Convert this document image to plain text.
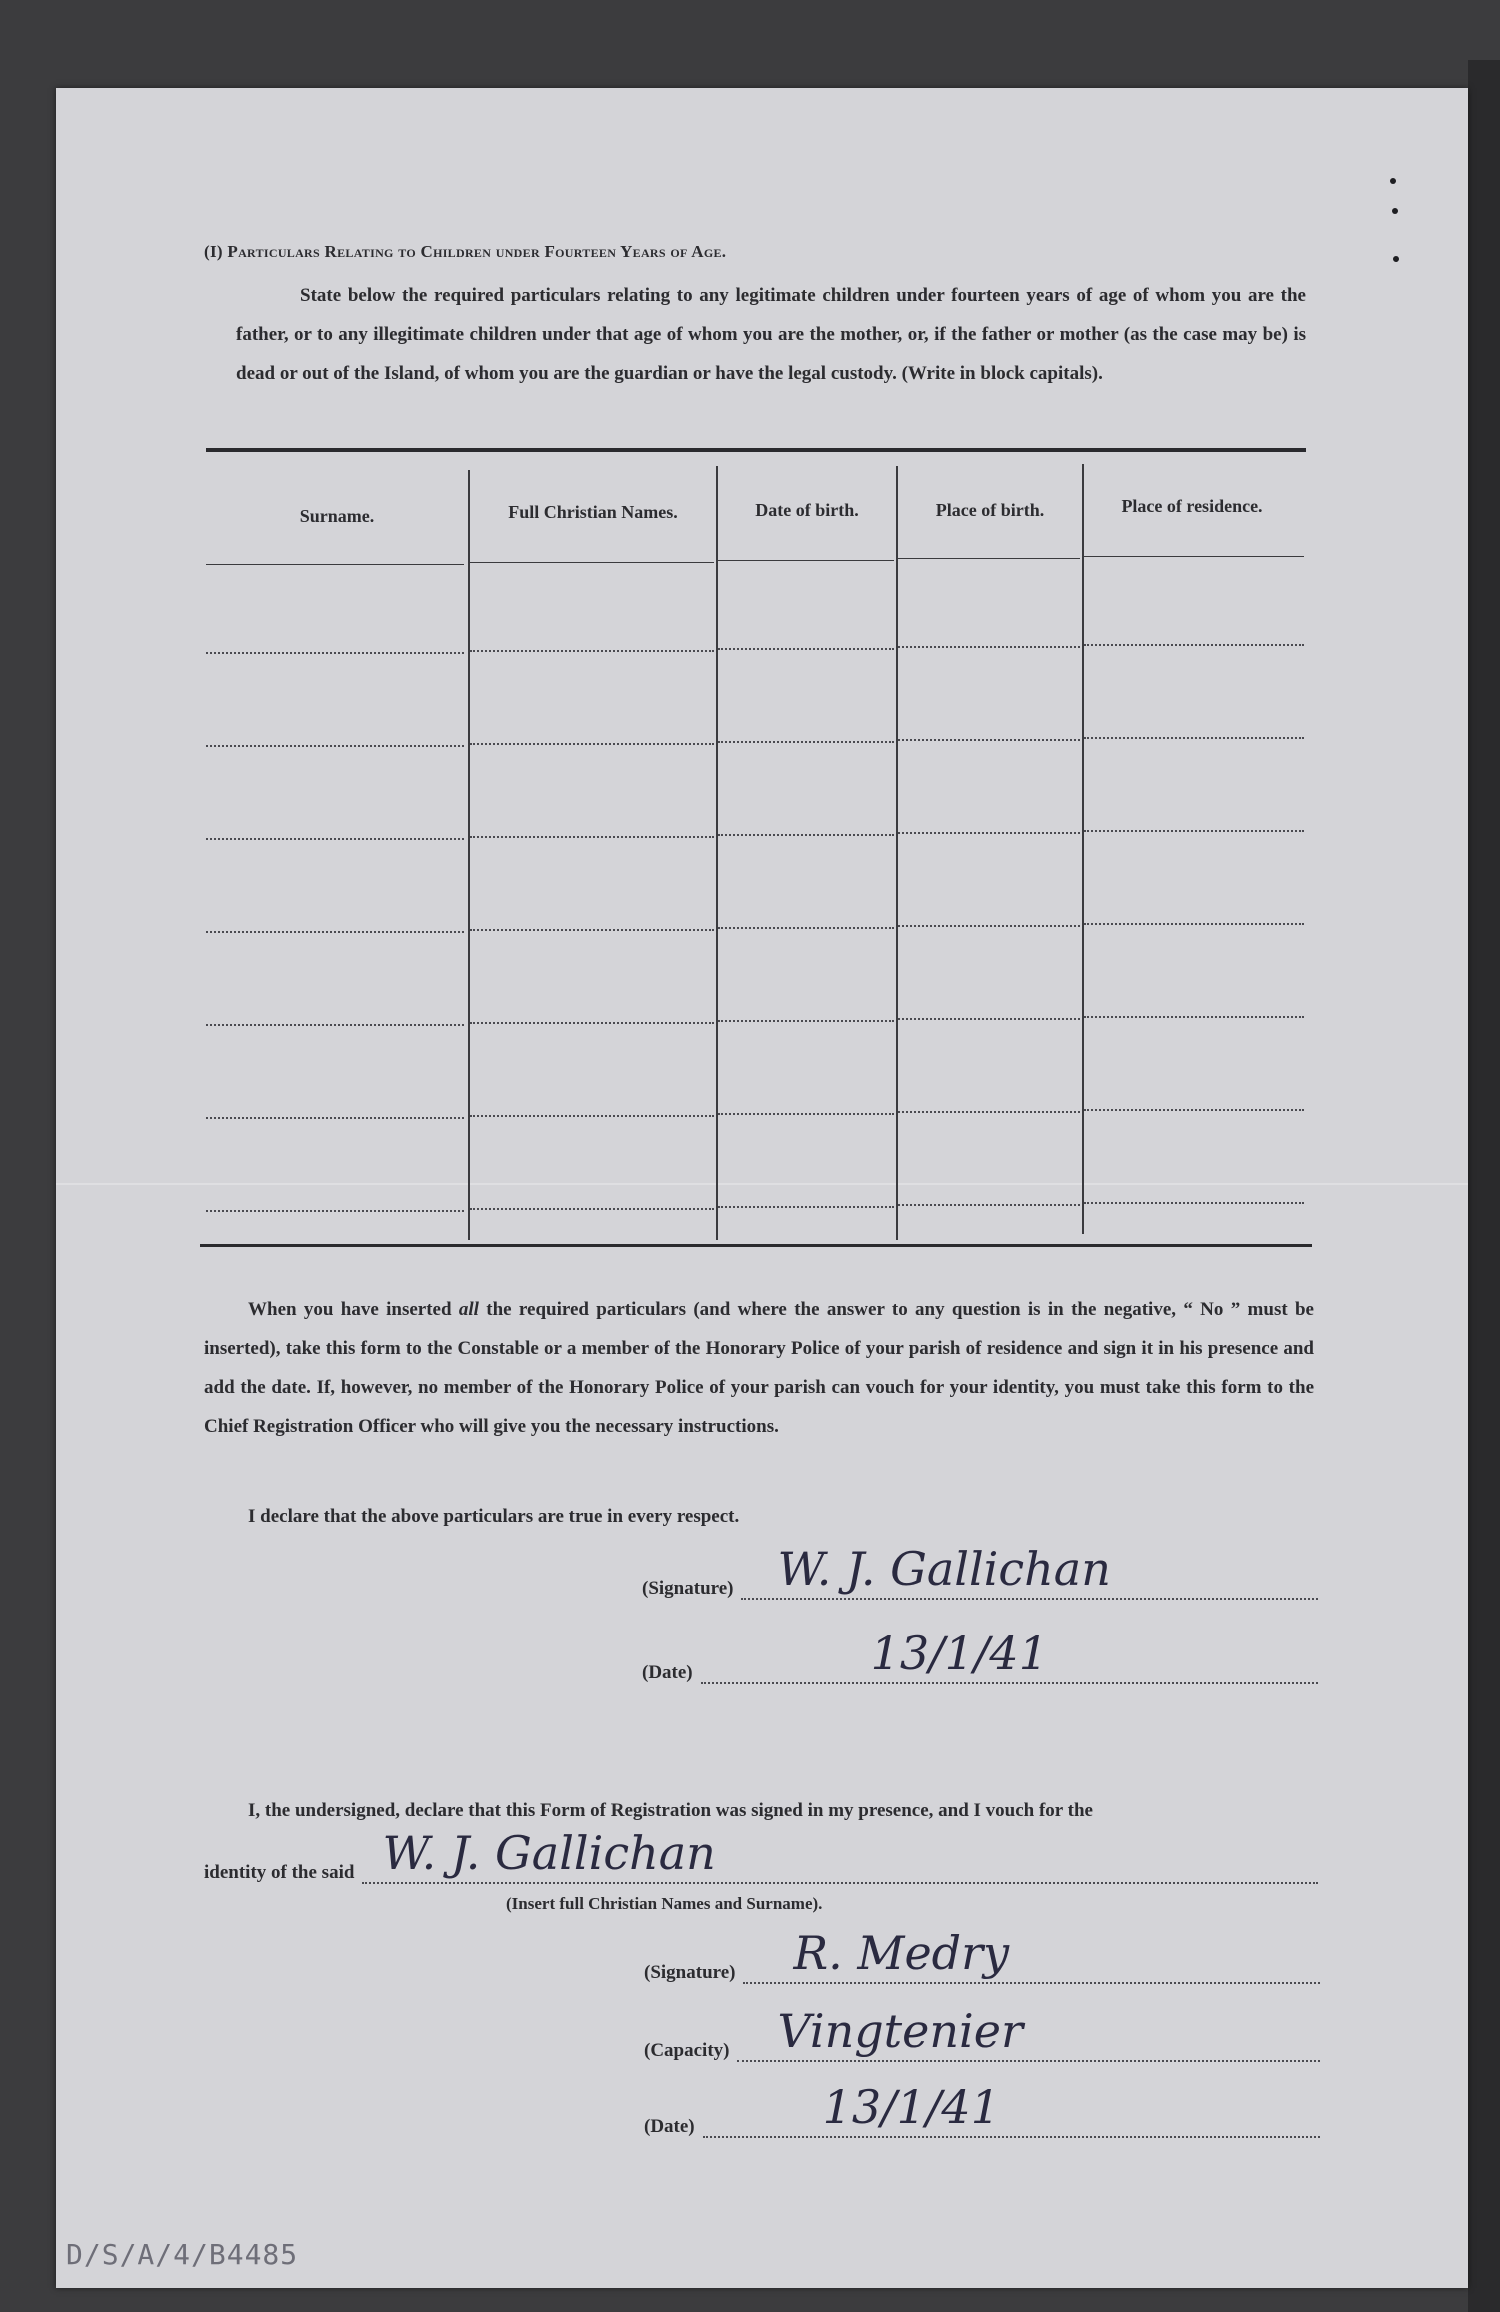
(I) Particulars Relating to Children under Fourteen Years of Age.
State below the required particulars relating to any legitimate children under fourteen years of age of whom you are the father, or to any illegitimate children under that age of whom you are the mother, or, if the father or mother (as the case may be) is dead or out of the Island, of whom you are the guardian or have the legal custody. (Write in block capitals).
Surname.	Full Christian Names.	Date of birth.	Place of birth.	Place of residence.
When you have inserted all the required particulars (and where the answer to any question is in the negative, “ No ” must be inserted), take this form to the Constable or a member of the Honorary Police of your parish of residence and sign it in his presence and add the date. If, however, no member of the Honorary Police of your parish can vouch for your identity, you must take this form to the Chief Registration Officer who will give you the necessary instructions.
I declare that the above particulars are true in every respect.
(Signature) W. J. Gallichan
(Date)	13/1/41
I, the undersigned, declare that this Form of Registration was signed in my presence, and I vouch for the
identity of the said W. J. Gallichan
(Insert full Christian Names and Surname).
(Signature) R. Medry
(Capacity) Vingtenier
(Date)	13/1/41
D/S/A/4/B4485
